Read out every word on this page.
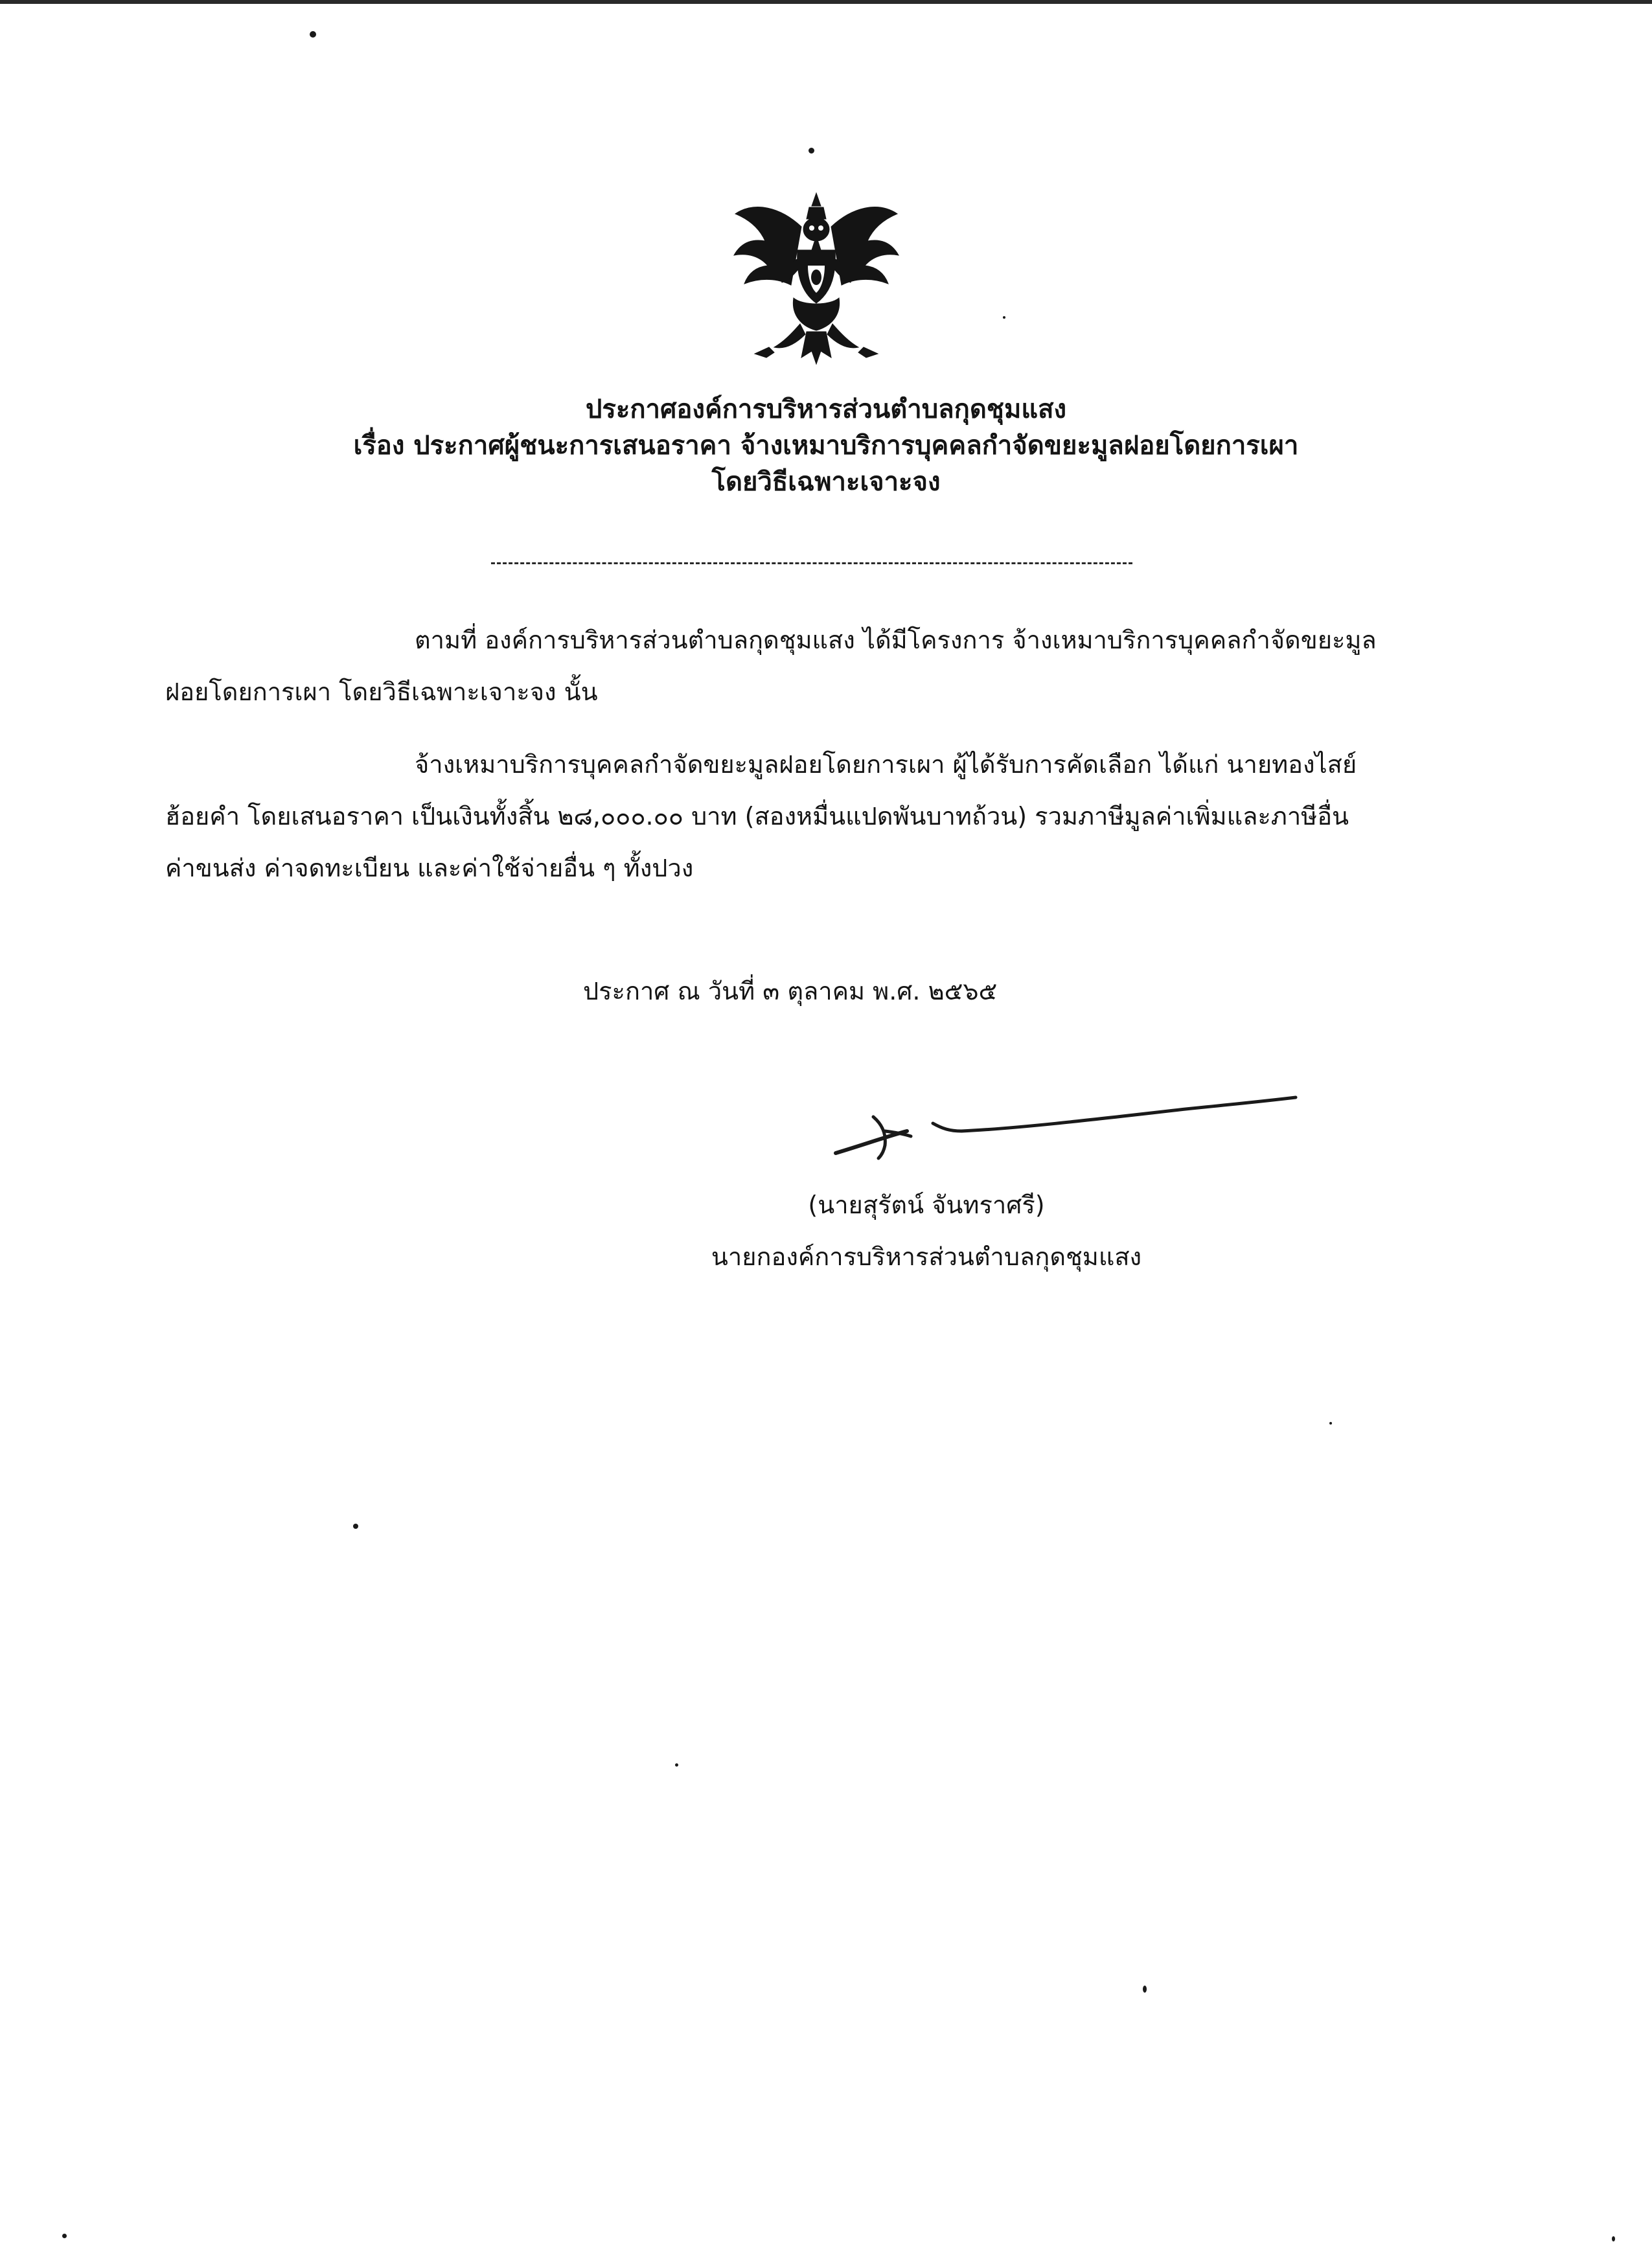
ประกาศองค์การบริหารส่วนตำบลกุดชุมแสง
เรื่อง ประกาศผู้ชนะการเสนอราคา จ้างเหมาบริการบุคคลกำจัดขยะมูลฝอยโดยการเผา
โดยวิธีเฉพาะเจาะจง
ตามที่ องค์การบริหารส่วนตำบลกุดชุมแสง ได้มีโครงการ จ้างเหมาบริการบุคคลกำจัดขยะมูล
ฝอยโดยการเผา โดยวิธีเฉพาะเจาะจง นั้น
จ้างเหมาบริการบุคคลกำจัดขยะมูลฝอยโดยการเผา ผู้ได้รับการคัดเลือก ได้แก่ นายทองไสย์
ฮ้อยคำ โดยเสนอราคา เป็นเงินทั้งสิ้น ๒๘,๐๐๐.๐๐ บาท (สองหมื่นแปดพันบาทถ้วน) รวมภาษีมูลค่าเพิ่มและภาษีอื่น
ค่าขนส่ง ค่าจดทะเบียน และค่าใช้จ่ายอื่น ๆ ทั้งปวง
ประกาศ ณ วันที่ ๓ ตุลาคม พ.ศ. ๒๕๖๕
(นายสุรัตน์ จันทราศรี)
นายกองค์การบริหารส่วนตำบลกุดชุมแสง
